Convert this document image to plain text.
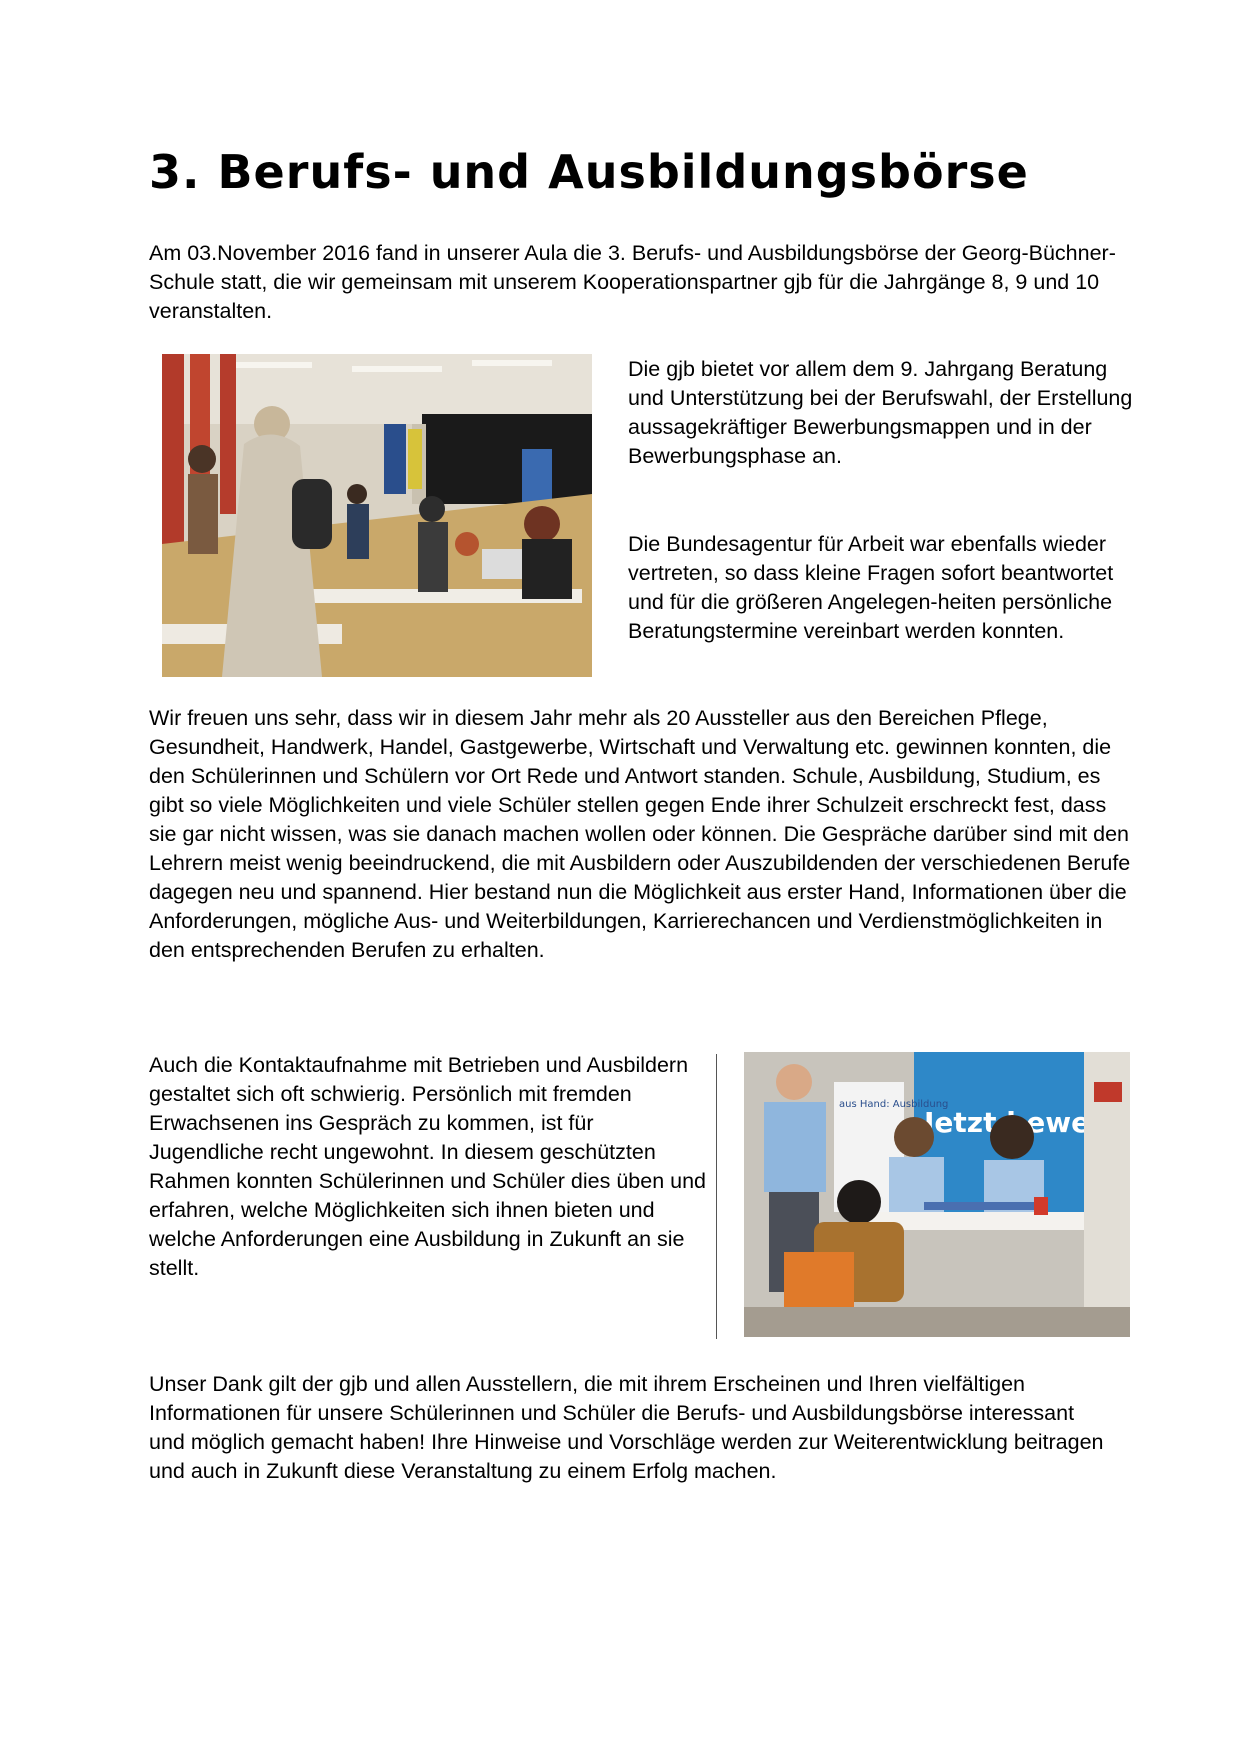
3. Berufs- und Ausbildungsbörse

Am 03.November 2016 fand in unserer Aula die 3. Berufs- und Ausbildungsbörse der Georg-Büchner-Schule statt, die wir gemeinsam mit unserem Kooperationspartner gjb für die Jahrgänge 8, 9 und 10 veranstalten.

Die gjb bietet vor allem dem 9. Jahrgang Beratung und Unterstützung bei der Berufswahl, der Erstellung aussagekräftiger Bewerbungsmappen und in der Bewerbungsphase an.

Die Bundesagentur für Arbeit war ebenfalls wieder vertreten, so dass kleine Fragen sofort beantwortet und für die größeren Angelegen-heiten persönliche Beratungstermine vereinbart werden konnten.

Wir freuen uns sehr, dass wir in diesem Jahr mehr als 20 Aussteller aus den Bereichen Pflege, Gesundheit, Handwerk, Handel, Gastgewerbe, Wirtschaft und Verwaltung etc. gewinnen konnten, die den Schülerinnen und Schülern vor Ort Rede und Antwort standen. Schule, Ausbildung, Studium, es gibt so viele Möglichkeiten und viele Schüler stellen gegen Ende ihrer Schulzeit erschreckt fest, dass sie gar nicht wissen, was sie danach machen wollen oder können. Die Gespräche darüber sind mit den Lehrern meist wenig beeindruckend, die mit Ausbildern oder Auszubildenden der verschiedenen Berufe dagegen neu und spannend. Hier bestand nun die Möglichkeit aus erster Hand, Informationen über die Anforderungen, mögliche Aus- und Weiterbildungen, Karrierechancen und Verdienstmöglichkeiten in den entsprechenden Berufen zu erhalten.

Auch die Kontaktaufnahme mit Betrieben und Ausbildern gestaltet sich oft schwierig. Persönlich mit fremden Erwachsenen ins Gespräch zu kommen, ist für Jugendliche recht ungewohnt. In diesem geschützten Rahmen konnten Schülerinnen und Schüler dies üben und erfahren, welche Möglichkeiten sich ihnen bieten und welche Anforderungen eine Ausbildung in Zukunft an sie stellt.

Jetzt bewer
aus Hand: Ausbildung

Unser Dank gilt der gjb und allen Ausstellern, die mit ihrem Erscheinen und Ihren vielfältigen Informationen für unsere Schülerinnen und Schüler die Berufs- und Ausbildungsbörse interessant und möglich gemacht haben! Ihre Hinweise und Vorschläge werden zur Weiterentwicklung beitragen und auch in Zukunft diese Veranstaltung zu einem Erfolg machen.
